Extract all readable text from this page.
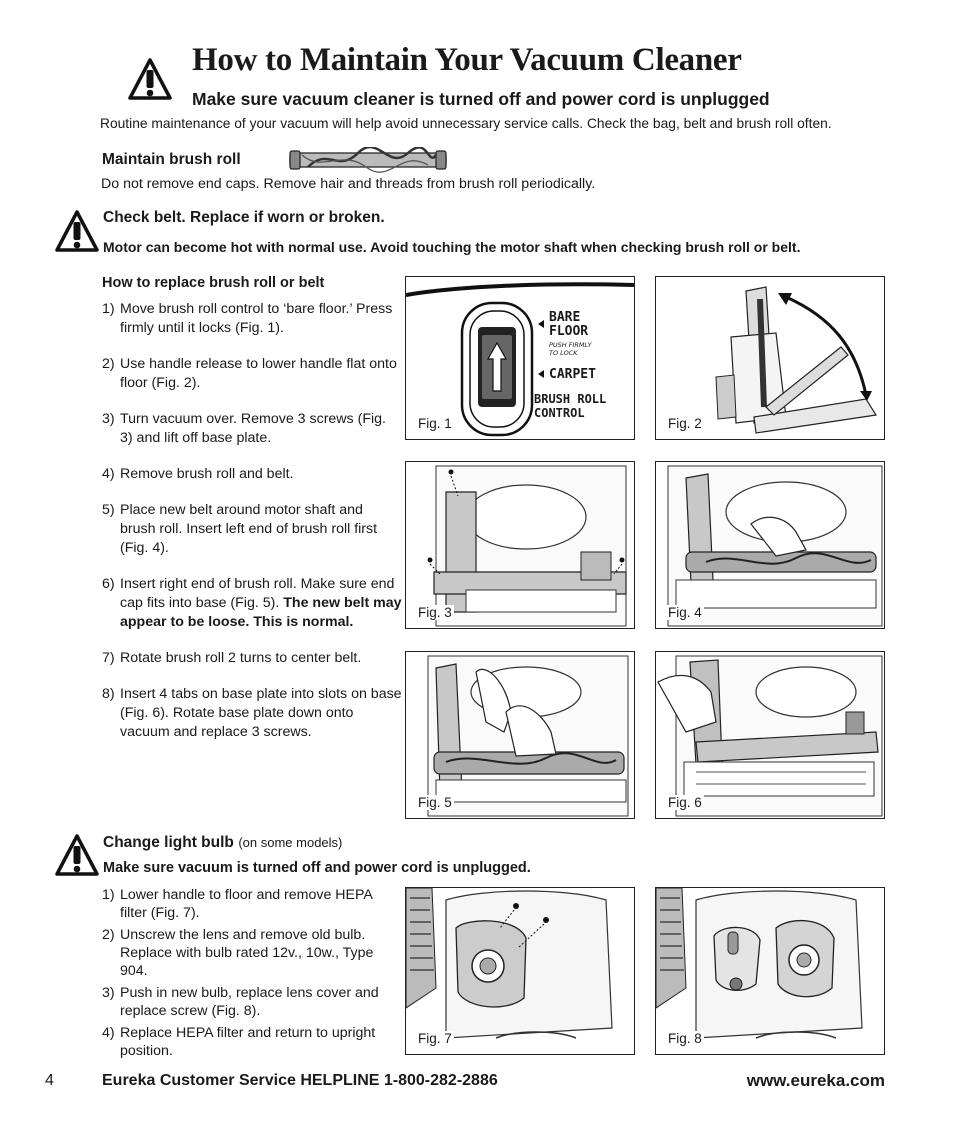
How to Maintain Your Vacuum Cleaner
Make sure vacuum cleaner is turned off and power cord is unplugged
Routine maintenance of your vacuum will help avoid unnecessary service calls. Check the bag, belt and brush roll often.
Maintain brush roll
Do not remove end caps. Remove hair and threads from brush roll periodically.
Check belt. Replace if worn or broken.
Motor can become hot with normal use. Avoid touching the motor shaft when checking brush roll or belt.
How to replace brush roll or belt
1) Move brush roll control to ‘bare floor.’ Press firmly until it locks (Fig. 1).
2) Use handle release to lower handle flat onto floor (Fig. 2).
3) Turn vacuum over. Remove 3 screws (Fig. 3) and lift off base plate.
4) Remove brush roll and belt.
5) Place new belt around motor shaft and brush roll. Insert left end of brush roll first (Fig. 4).
6) Insert right end of brush roll. Make sure end cap fits into base (Fig. 5). The new belt may appear to be loose. This is normal.
7) Rotate brush roll 2 turns to center belt.
8) Insert 4 tabs on base plate into slots on base (Fig. 6). Rotate base plate down onto vacuum and replace 3 screws.
BARE
FLOOR
PUSH FIRMLY
TO LOCK
CARPET
BRUSH ROLL
CONTROL
Fig. 1	Fig. 2
Fig. 3	Fig. 4
Fig. 5	Fig. 6
Change light bulb (on some models)
Make sure vacuum is turned off and power cord is unplugged.
1) Lower handle to floor and remove HEPA filter (Fig. 7).
2) Unscrew the lens and remove old bulb. Replace with bulb rated 12v., 10w., Type 904.
3) Push in new bulb, replace lens cover and replace screw (Fig. 8).
4) Replace HEPA filter and return to upright position.
Fig. 7	Fig. 8
4	Eureka Customer Service HELPLINE 1-800-282-2886	www.eureka.com
